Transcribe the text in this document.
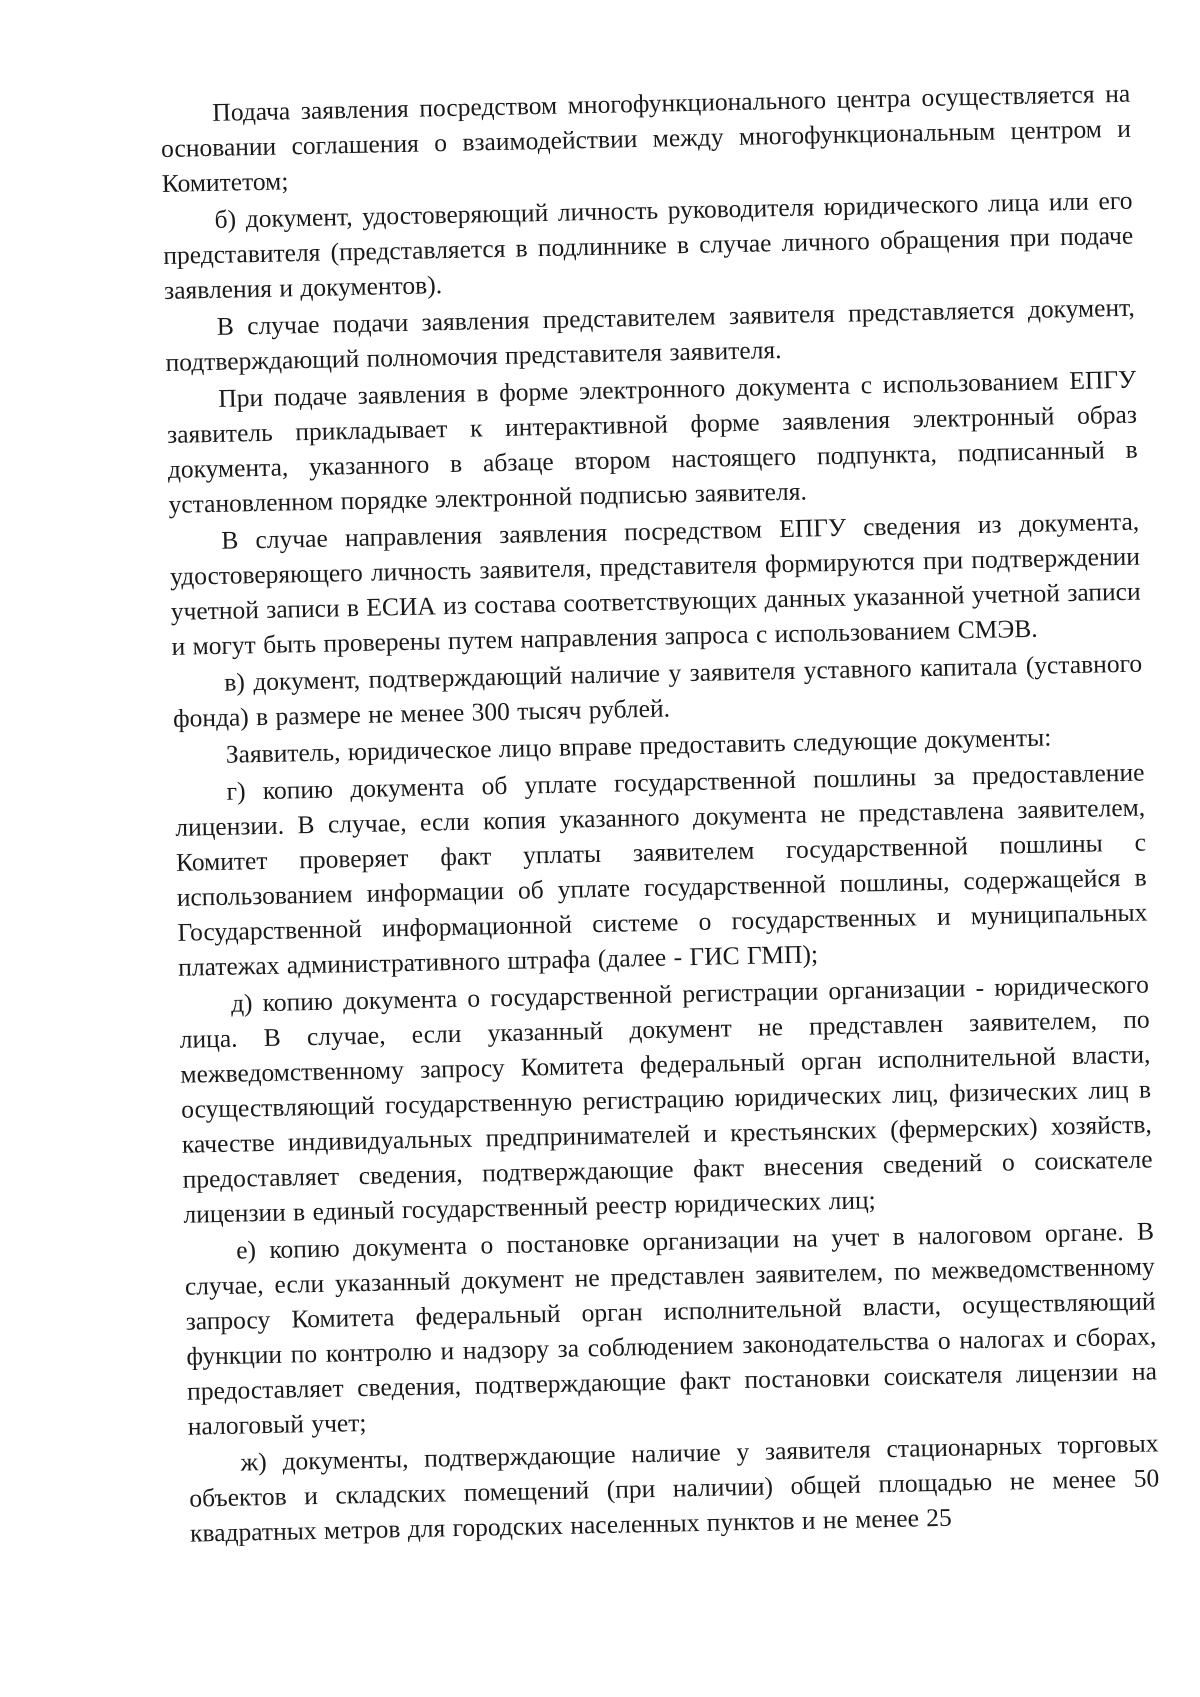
Подача заявления посредством многофункционального центра осуществляется на основании соглашения о взаимодействии между многофункциональным центром и Комитетом;

б) документ, удостоверяющий личность руководителя юридического лица или его представителя (представляется в подлиннике в случае личного обращения при подаче заявления и документов).

В случае подачи заявления представителем заявителя представляется документ, подтверждающий полномочия представителя заявителя.

При подаче заявления в форме электронного документа с использованием ЕПГУ заявитель прикладывает к интерактивной форме заявления электронный образ документа, указанного в абзаце втором настоящего подпункта, подписанный в установленном порядке электронной подписью заявителя.

В случае направления заявления посредством ЕПГУ сведения из документа, удостоверяющего личность заявителя, представителя формируются при подтверждении учетной записи в ЕСИА из состава соответствующих данных указанной учетной записи и могут быть проверены путем направления запроса с использованием СМЭВ.

в) документ, подтверждающий наличие у заявителя уставного капитала (уставного фонда) в размере не менее 300 тысяч рублей.

Заявитель, юридическое лицо вправе предоставить следующие документы:

г) копию документа об уплате государственной пошлины за предоставление лицензии. В случае, если копия указанного документа не представлена заявителем, Комитет проверяет факт уплаты заявителем государственной пошлины с использованием информации об уплате государственной пошлины, содержащейся в Государственной информационной системе о государственных и муниципальных платежах административного штрафа (далее - ГИС ГМП);

д) копию документа о государственной регистрации организации - юридического лица. В случае, если указанный документ не представлен заявителем, по межведомственному запросу Комитета федеральный орган исполнительной власти, осуществляющий государственную регистрацию юридических лиц, физических лиц в качестве индивидуальных предпринимателей и крестьянских (фермерских) хозяйств, предоставляет сведения, подтверждающие факт внесения сведений о соискателе лицензии в единый государственный реестр юридических лиц;

е) копию документа о постановке организации на учет в налоговом органе. В случае, если указанный документ не представлен заявителем, по межведомственному запросу Комитета федеральный орган исполнительной власти, осуществляющий функции по контролю и надзору за соблюдением законодательства о налогах и сборах, предоставляет сведения, подтверждающие факт постановки соискателя лицензии на налоговый учет;

ж) документы, подтверждающие наличие у заявителя стационарных торговых объектов и складских помещений (при наличии) общей площадью не менее 50 квадратных метров для городских населенных пунктов и не менее 25
